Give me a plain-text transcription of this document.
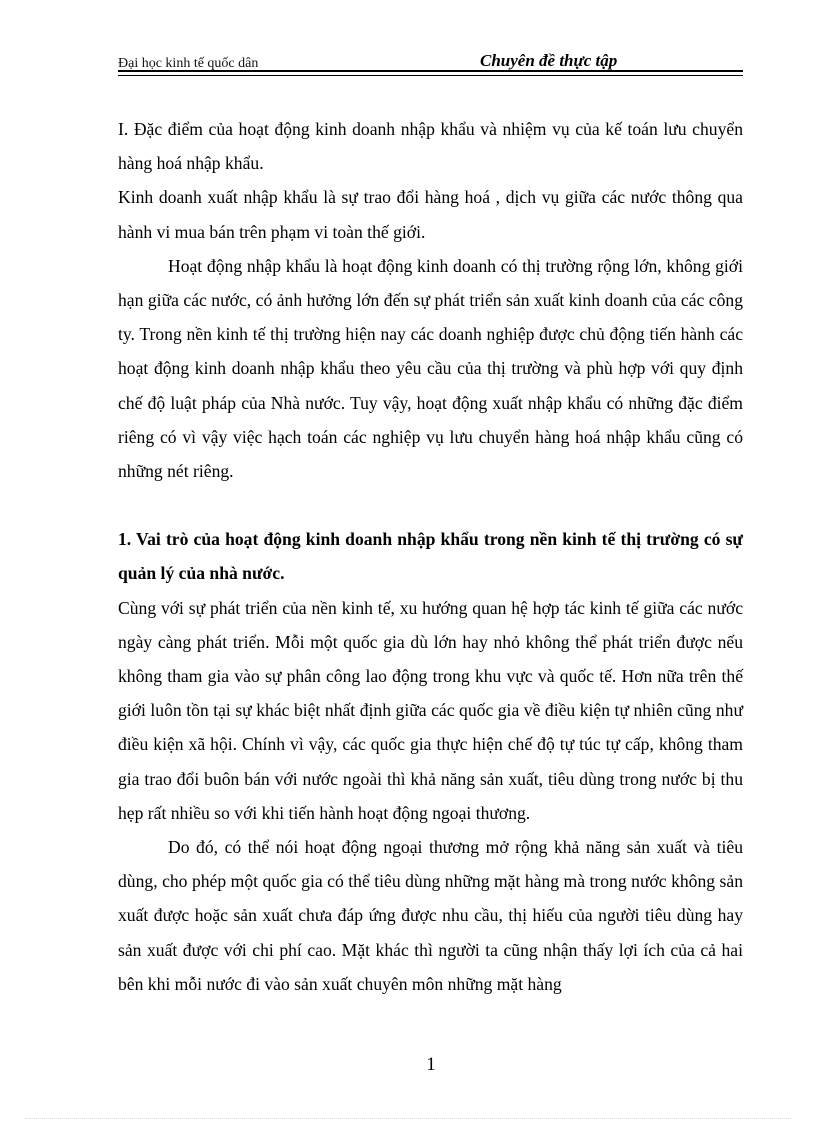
Đại học kinh tế quốc dân	Chuyên đề thực tập

I. Đặc điểm của hoạt động kinh doanh nhập khẩu và nhiệm vụ của kế toán lưu chuyển hàng hoá nhập khẩu.

Kinh doanh xuất nhập khẩu là sự trao đổi hàng hoá , dịch vụ giữa các nước thông qua hành vi mua bán trên phạm vi toàn thế giới.

Hoạt động nhập khẩu là hoạt động kinh doanh có thị trường rộng lớn, không giới hạn giữa các nước, có ảnh hưởng lớn đến sự phát triển sản xuất kinh doanh của các công ty. Trong nền kinh tế thị trường hiện nay các doanh nghiệp được chủ động tiến hành các hoạt động kinh doanh nhập khẩu theo yêu cầu của thị trường và phù hợp với quy định chế độ luật pháp của Nhà nước. Tuy vậy, hoạt động xuất nhập khẩu có những đặc điểm riêng có vì vậy việc hạch toán các nghiệp vụ lưu chuyển hàng hoá nhập khẩu cũng có những nét riêng.

1. Vai trò của hoạt động kinh doanh nhập khẩu trong nền kinh tế thị trường có sự quản lý của nhà nước.

Cùng với sự phát triển của nền kinh tế, xu hướng quan hệ hợp tác kinh tế giữa các nước ngày càng phát triển. Mỗi một quốc gia dù lớn hay nhỏ không thể phát triển được nếu không tham gia vào sự phân công lao động trong khu vực và quốc tế. Hơn nữa trên thế giới luôn tồn tại sự khác biệt nhất định giữa các quốc gia về điều kiện tự nhiên cũng như điều kiện xã hội. Chính vì vậy, các quốc gia thực hiện chế độ tự túc tự cấp, không tham gia trao đổi buôn bán với nước ngoài thì khả năng sản xuất, tiêu dùng trong nước bị thu hẹp rất nhiều so với khi tiến hành hoạt động ngoại thương.

Do đó, có thể nói hoạt động ngoại thương mở rộng khả năng sản xuất và tiêu dùng, cho phép một quốc gia có thể tiêu dùng những mặt hàng mà trong nước không sản xuất được hoặc sản xuất chưa đáp ứng được nhu cầu, thị hiếu của người tiêu dùng hay sản xuất được với chi phí cao. Mặt khác thì người ta cũng nhận thấy lợi ích của cả hai bên khi mỗi nước đi vào sản xuất chuyên môn những mặt hàng

1
